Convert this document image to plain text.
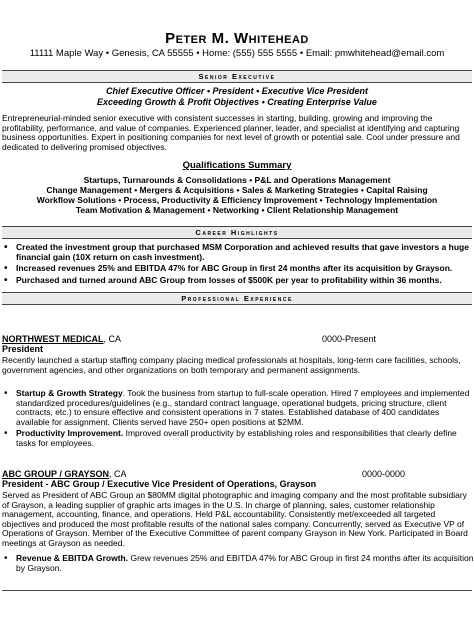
Peter M. Whitehead
11111 Maple Way • Genesis, CA 55555 • Home: (555) 555 5555 • Email: pmwhitehead@email.com
Senior Executive
Chief Executive Officer • President • Executive Vice President
Exceeding Growth & Profit Objectives • Creating Enterprise Value
Entrepreneurial-minded senior executive with consistent successes in starting, building, growing and improving the profitability, performance, and value of companies. Experienced planner, leader, and specialist at identifying and capturing business opportunities. Expert in positioning companies for next level of growth or potential sale. Cool under pressure and dedicated to delivering promised objectives.
Qualifications Summary
Startups, Turnarounds & Consolidations • P&L and Operations Management
Change Management • Mergers & Acquisitions • Sales & Marketing Strategies • Capital Raising
Workflow Solutions • Process, Productivity & Efficiency Improvement • Technology Implementation
Team Motivation & Management • Networking • Client Relationship Management
Career Highlights
• Created the investment group that purchased MSM Corporation and achieved results that gave investors a huge financial gain (10X return on cash investment).
• Increased revenues 25% and EBITDA 47% for ABC Group in first 24 months after its acquisition by Grayson.
• Purchased and turned around ABC Group from losses of $500K per year to profitability within 36 months.
Professional Experience
NORTHWEST MEDICAL, CA	0000-Present
President
Recently launched a startup staffing company placing medical professionals at hospitals, long-term care facilities, schools, government agencies, and other organizations on both temporary and permanent assignments.
• Startup & Growth Strategy. Took the business from startup to full-scale operation. Hired 7 employees and implemented standardized procedures/guidelines (e.g., standard contract language, operational budgets, pricing structure, client contracts, etc.) to ensure effective and consistent operations in 7 states. Established database of 400 candidates available for assignment. Clients served have 250+ open positions at $2MM.
• Productivity Improvement. Improved overall productivity by establishing roles and responsibilities that clearly define tasks for employees.
ABC GROUP / GRAYSON, CA	0000-0000
President - ABC Group / Executive Vice President of Operations, Grayson
Served as President of ABC Group an $80MM digital photographic and imaging company and the most profitable subsidiary of Grayson, a leading supplier of graphic arts images in the U.S. In charge of planning, sales, customer relationship management, accounting, finance, and operations. Held P&L accountability. Consistently met/exceeded all targeted objectives and produced the most profitable results of the national sales company. Concurrently, served as Executive VP of Operations of Grayson. Member of the Executive Committee of parent company Grayson in New York. Participated in Board meetings at Grayson as needed.
• Revenue & EBITDA Growth. Grew revenues 25% and EBITDA 47% for ABC Group in first 24 months after its acquisition by Grayson.
